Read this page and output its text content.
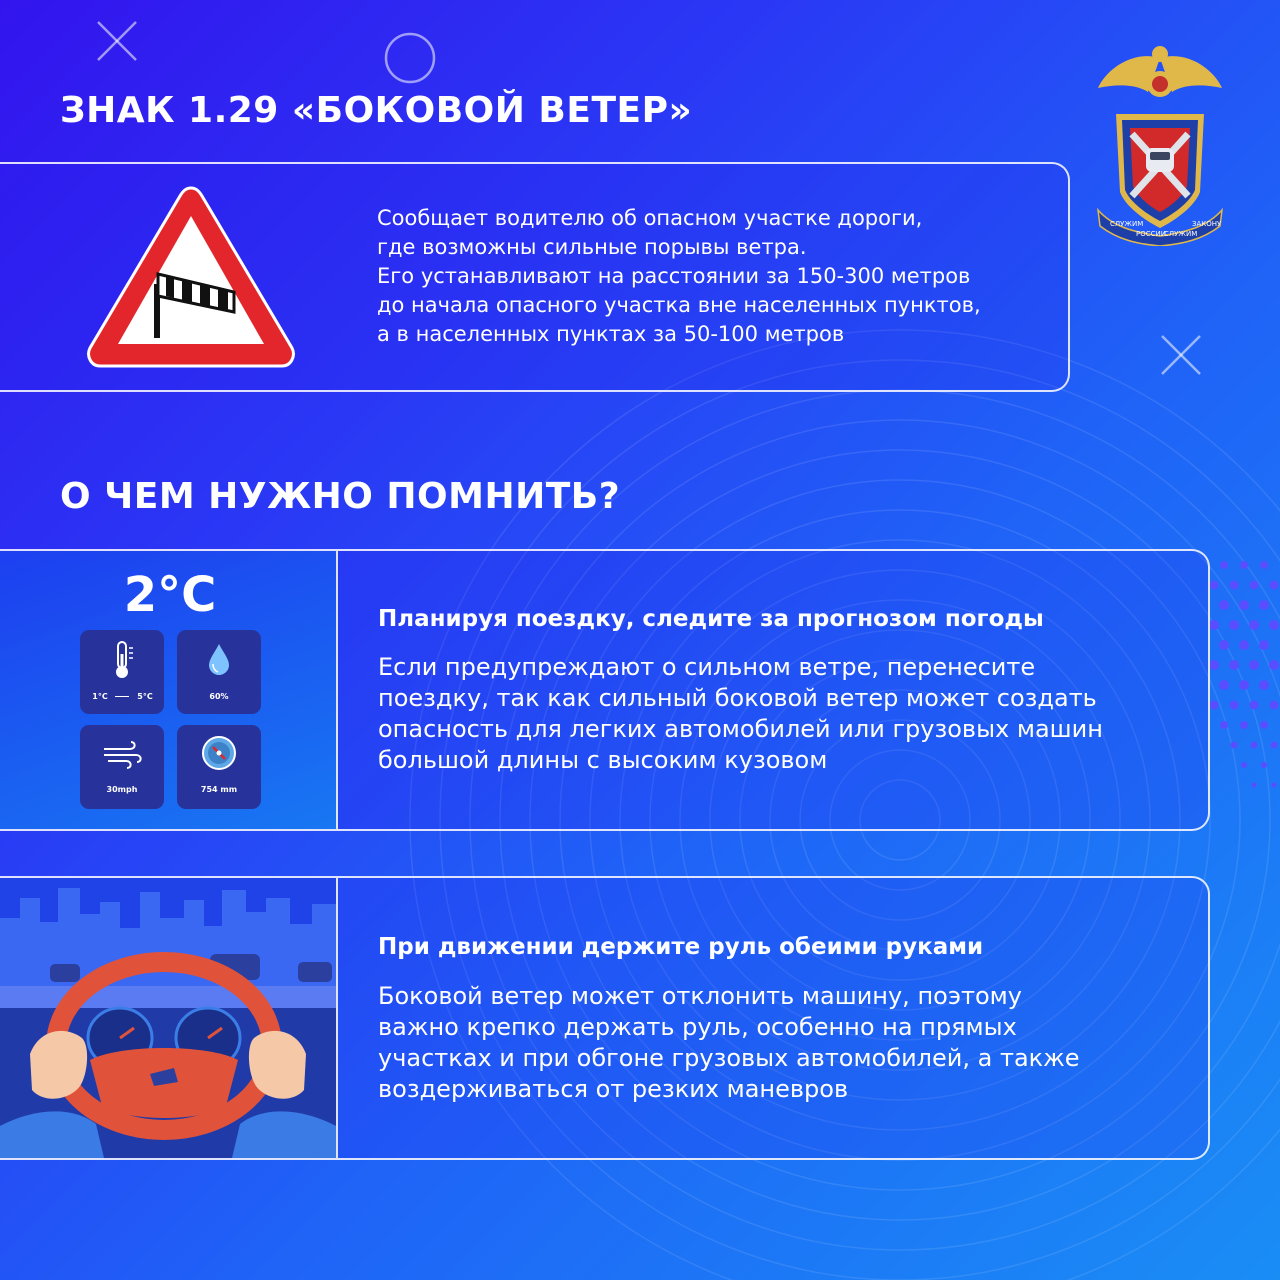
СЛУЖИМ
РОССИИ
СЛУЖИМ
ЗАКОНУ
ЗНАК 1.29 «БОКОВОЙ ВЕТЕР»
Сообщает водителю об опасном участке дороги,
где возможны сильные порывы ветра.
Его устанавливают на расстоянии за 150-300 метров
до начала опасного участка вне населенных пунктов,
а в населенных пунктах за 50-100 метров
О ЧЕМ НУЖНО ПОМНИТЬ?
2°C
1°C	5°C	60%
30mph	754 mm
Планируя поездку, следите за прогнозом погоды
Если предупреждают о сильном ветре, перенесите
поездку, так как сильный боковой ветер может создать
опасность для легких автомобилей или грузовых машин
большой длины с высоким кузовом
При движении держите руль обеими руками
Боковой ветер может отклонить машину, поэтому
важно крепко держать руль, особенно на прямых
участках и при обгоне грузовых автомобилей, а также
воздерживаться от резких маневров
